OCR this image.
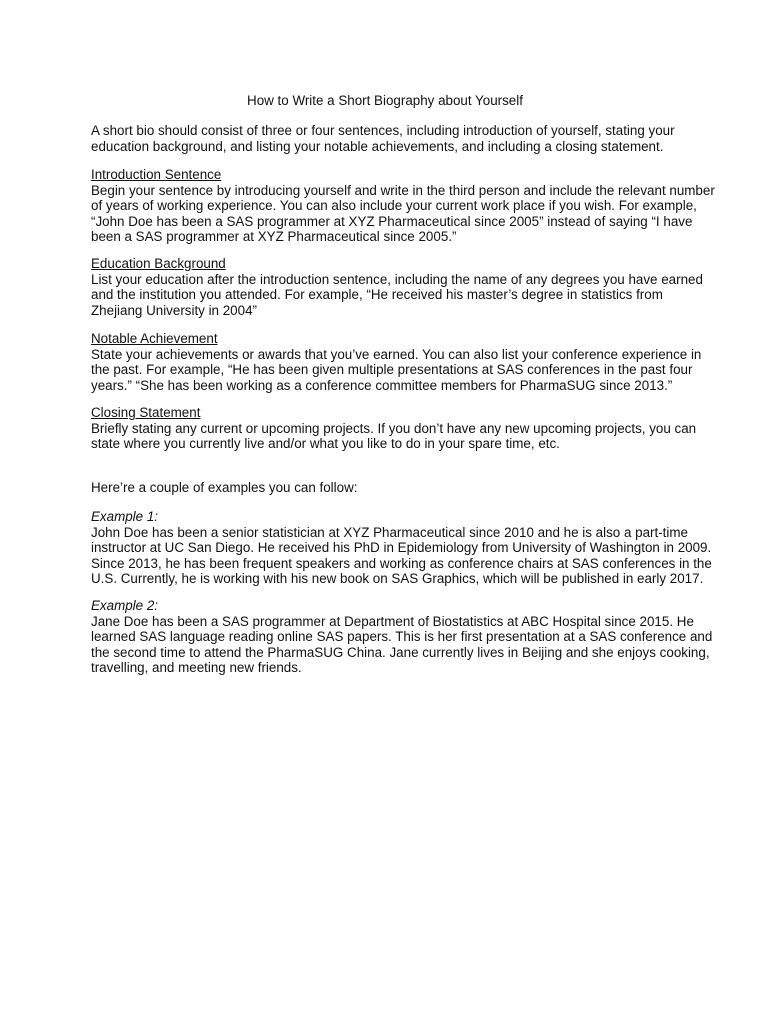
How to Write a Short Biography about Yourself
A short bio should consist of three or four sentences, including introduction of yourself, stating your
education background, and listing your notable achievements, and including a closing statement.
Introduction Sentence
Begin your sentence by introducing yourself and write in the third person and include the relevant number
of years of working experience. You can also include your current work place if you wish. For example,
“John Doe has been a SAS programmer at XYZ Pharmaceutical since 2005” instead of saying “I have
been a SAS programmer at XYZ Pharmaceutical since 2005.”
Education Background
List your education after the introduction sentence, including the name of any degrees you have earned
and the institution you attended. For example, “He received his master’s degree in statistics from
Zhejiang University in 2004”
Notable Achievement
State your achievements or awards that you’ve earned. You can also list your conference experience in
the past. For example, “He has been given multiple presentations at SAS conferences in the past four
years.” “She has been working as a conference committee members for PharmaSUG since 2013.”
Closing Statement
Briefly stating any current or upcoming projects. If you don’t have any new upcoming projects, you can
state where you currently live and/or what you like to do in your spare time, etc.
Here’re a couple of examples you can follow:
Example 1:
John Doe has been a senior statistician at XYZ Pharmaceutical since 2010 and he is also a part-time
instructor at UC San Diego. He received his PhD in Epidemiology from University of Washington in 2009.
Since 2013, he has been frequent speakers and working as conference chairs at SAS conferences in the
U.S. Currently, he is working with his new book on SAS Graphics, which will be published in early 2017.
Example 2:
Jane Doe has been a SAS programmer at Department of Biostatistics at ABC Hospital since 2015. He
learned SAS language reading online SAS papers. This is her first presentation at a SAS conference and
the second time to attend the PharmaSUG China. Jane currently lives in Beijing and she enjoys cooking,
travelling, and meeting new friends.
